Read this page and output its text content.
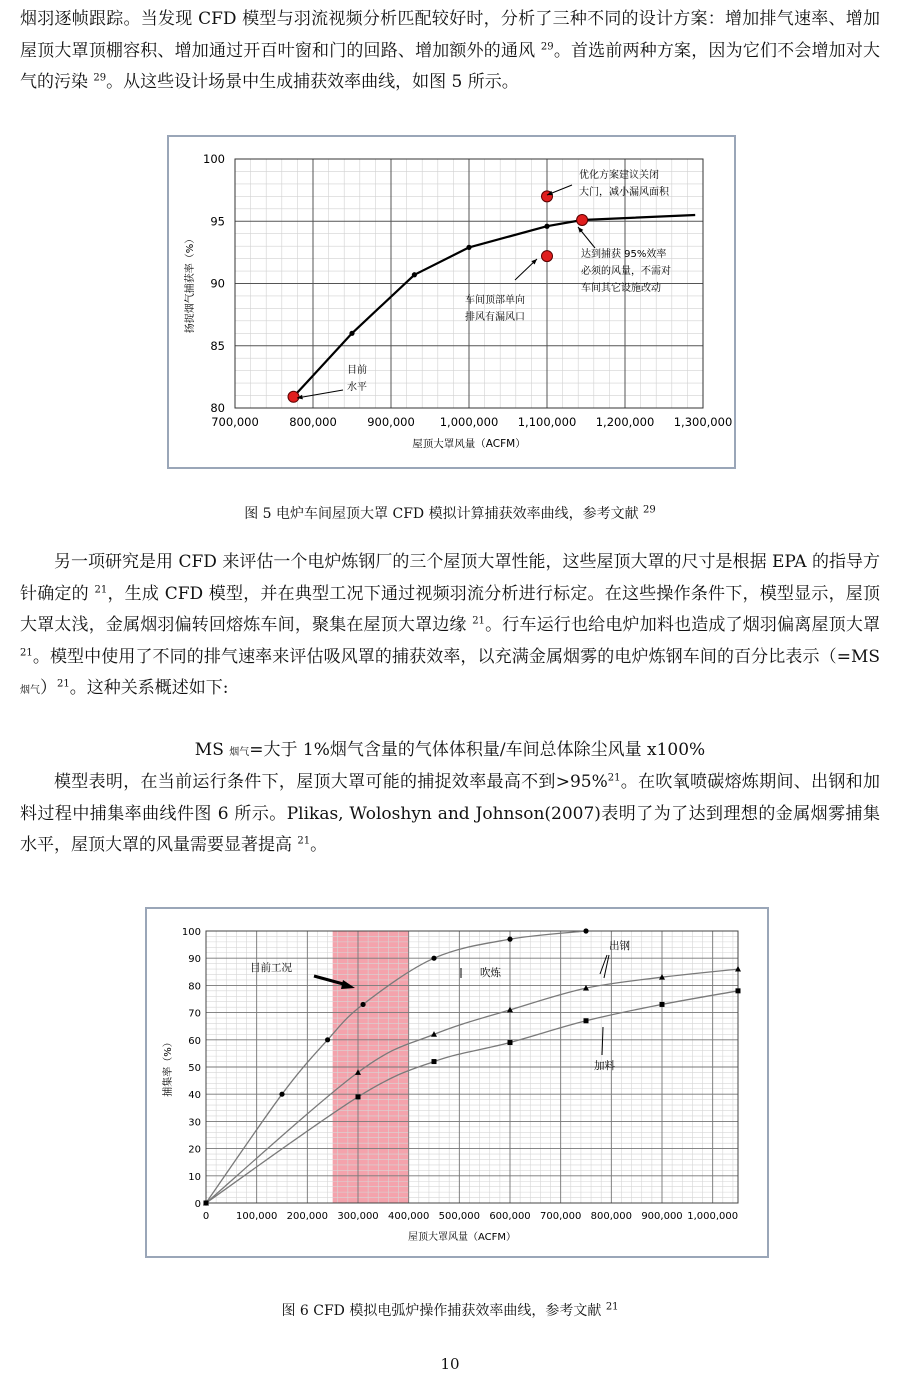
烟羽逐帧跟踪。当发现 CFD 模型与羽流视频分析匹配较好时，分析了三种不同的设计方案：增加排气速率、增加屋顶大罩顶棚容积、增加通过开百叶窗和门的回路、增加额外的通风 $^{29}$。首选前两种方案，因为它们不会增加对大气的污染 $^{29}$。从这些设计场景中生成捕获效率曲线，如图 5 所示。

700,000	800,000	900,000 1,000,000 1,100,000 1,200,000 1,300,000
80
85
90
95
100
屋顶大罩风量（ACFM）
扬捉烟气捕获率（%）
目前
水平
车间顶部单向
排风有漏风口
优化方案建议关闭
大门，减小漏风面积
达到捕获 95%效率
必须的风量，不需对
车间其它设施改动

图 5 电炉车间屋顶大罩 CFD 模拟计算捕获效率曲线，参考文献 $^{29}$

另一项研究是用 CFD 来评估一个电炉炼钢厂的三个屋顶大罩性能，这些屋顶大罩的尺寸是根据 EPA 的指导方针确定的 $^{21}$，生成 CFD 模型，并在典型工况下通过视频羽流分析进行标定。在这些操作条件下，模型显示，屋顶大罩太浅，金属烟羽偏转回熔炼车间，聚集在屋顶大罩边缘 $^{21}$。行车运行也给电炉加料也造成了烟羽偏离屋顶大罩 $^{21}$。模型中使用了不同的排气速率来评估吸风罩的捕获效率，以充满金属烟雾的电炉炼钢车间的百分比表示（=MS 烟气）$^{21}$。这种关系概述如下:

MS 烟气=大于 1%烟气含量的气体体积量/车间总体除尘风量 x100%

模型表明，在当前运行条件下，屋顶大罩可能的捕捉效率最高不到>95%$^{21}$。在吹氧喷碳熔炼期间、出钢和加料过程中捕集率曲线件图 6 所示。Plikas, Woloshyn and Johnson(2007)表明了为了达到理想的金属烟雾捕集水平，屋顶大罩的风量需要显著提高 $^{21}$。

0	100,000 200,000 300,000 400,000 500,000 600,000 700,000 800,000 900,000 1,000,000
0
10
20
30
40
50
60
70
80
90
100
屋顶大罩风量（ACFM）
捕集率（%）
吹炼
出钢
加料
目前工况

图 6 CFD 模拟电弧炉操作捕获效率曲线，参考文献 $^{21}$

10
